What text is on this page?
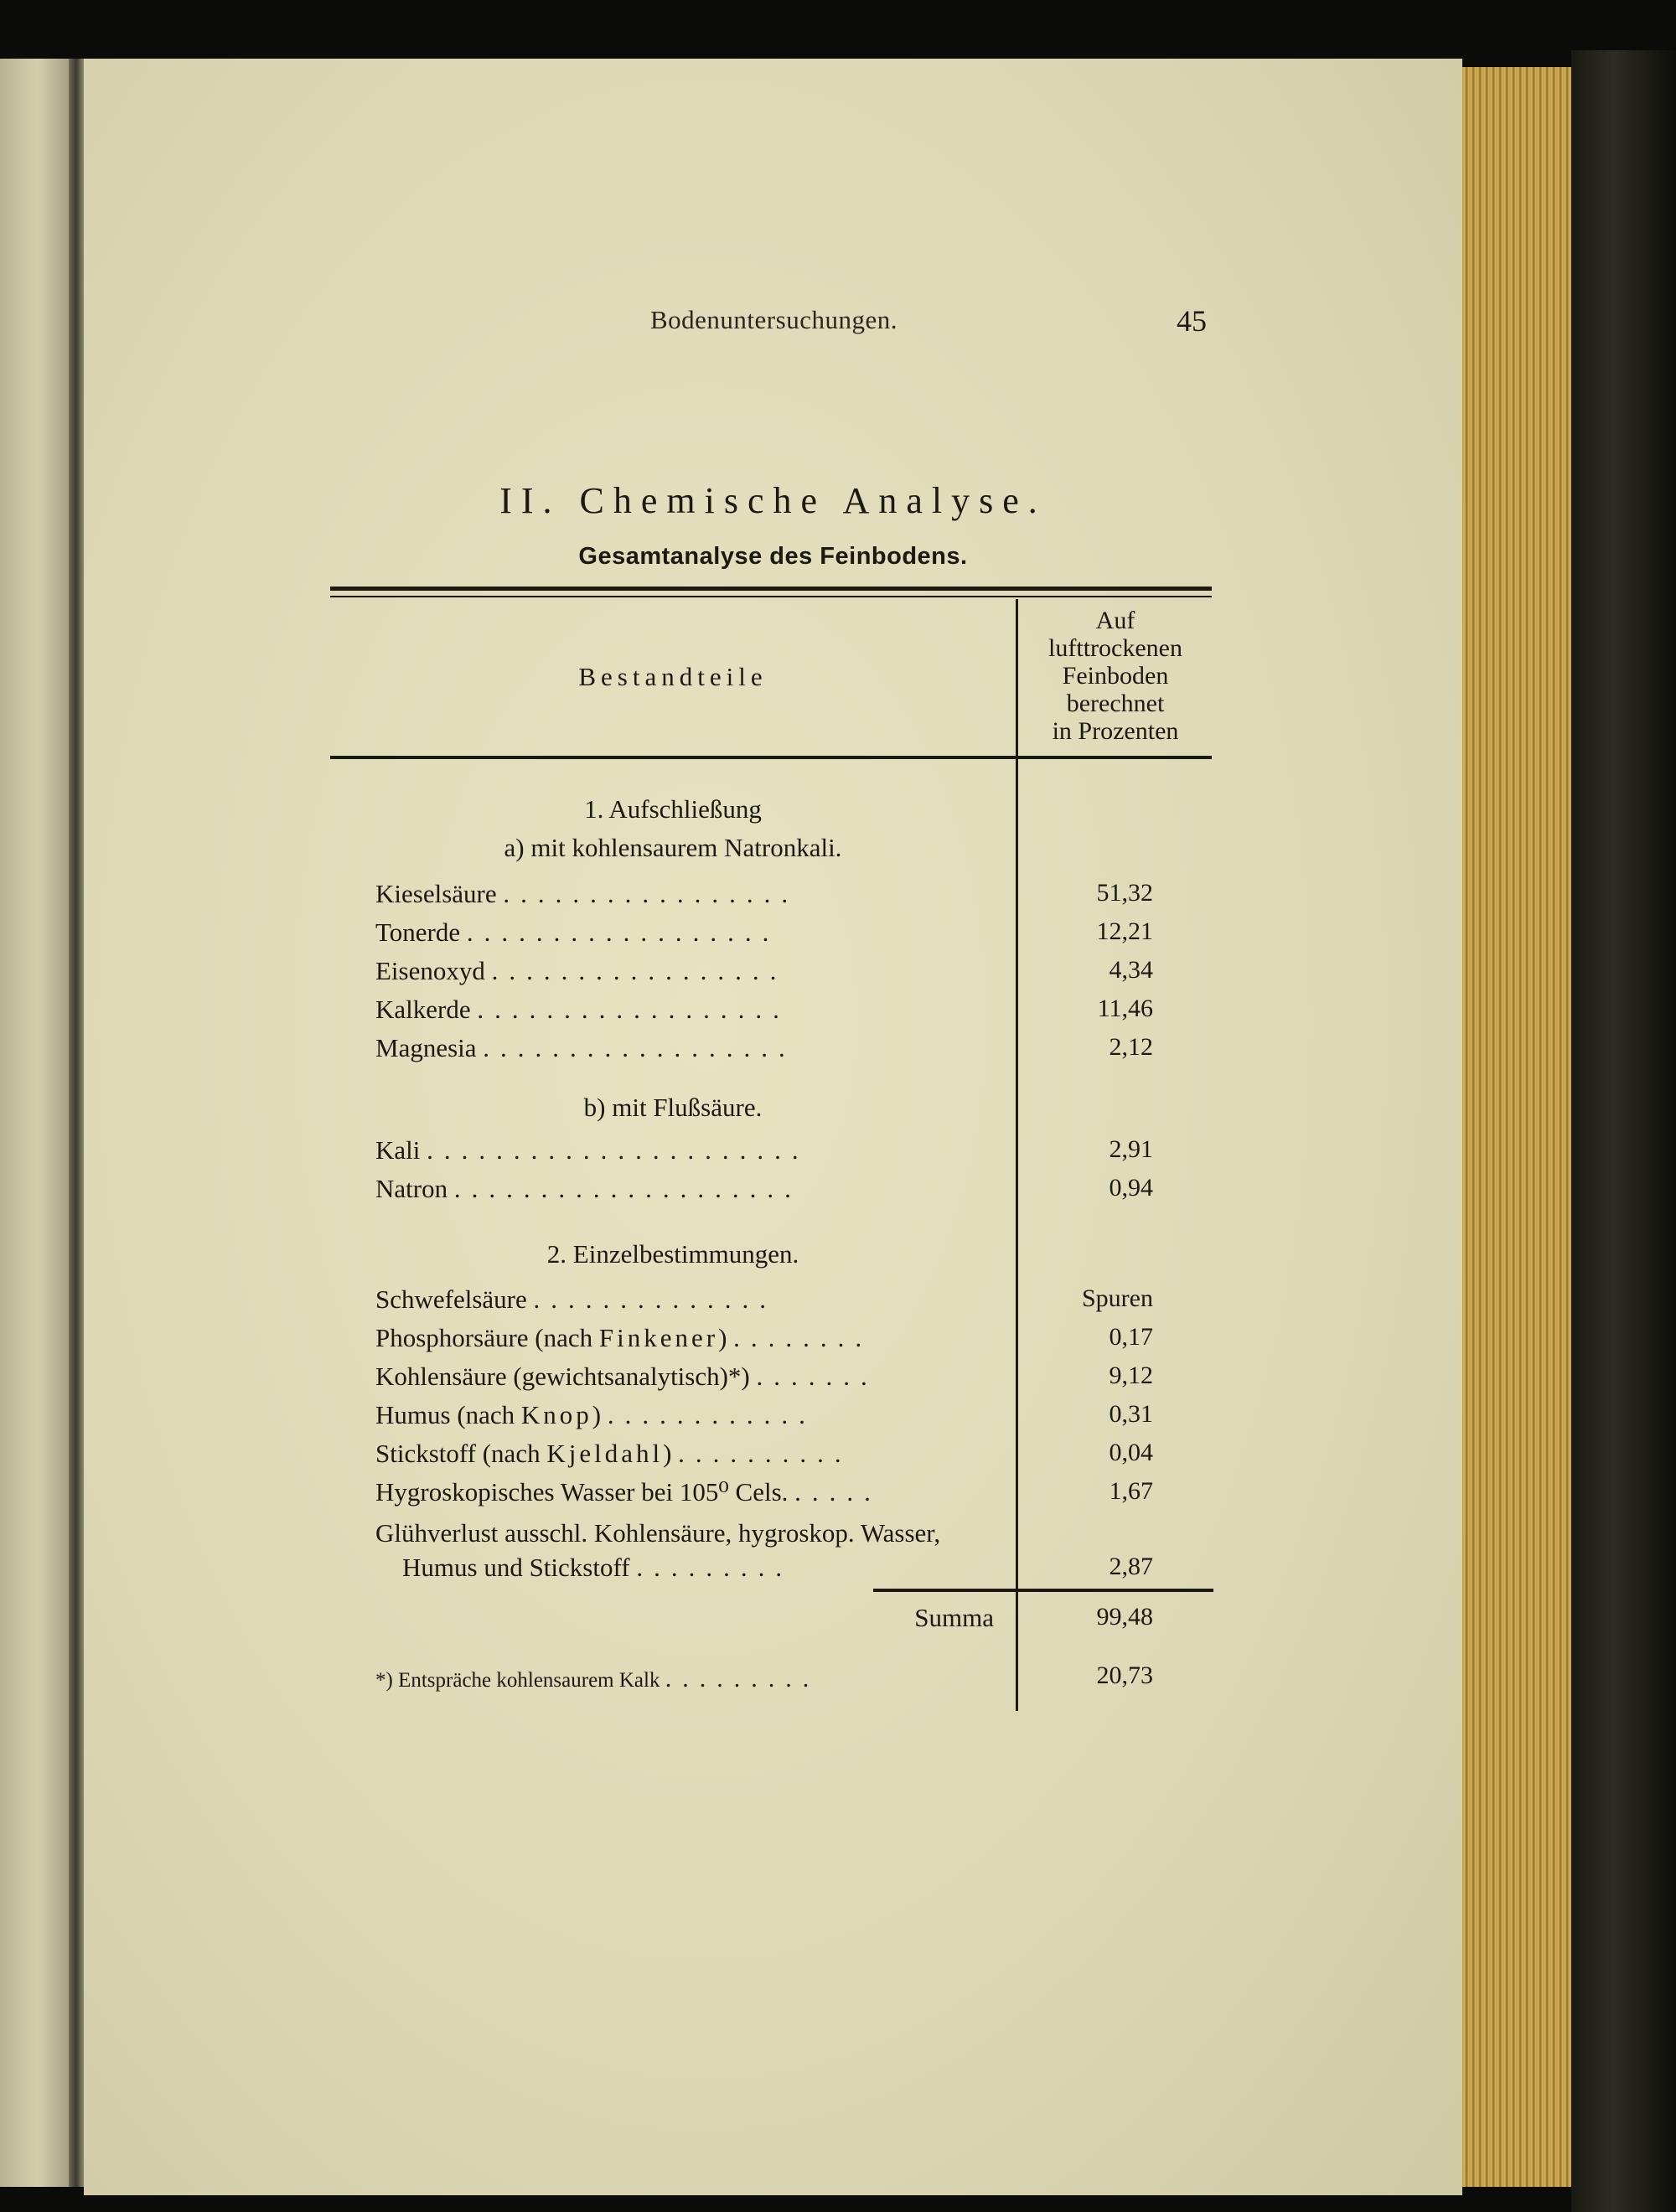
Bodenuntersuchungen.	45
II. Chemische Analyse.
Gesamtanalyse des Feinbodens.
Bestandteile
Auf
lufttrockenen
Feinboden
berechnet
in Prozenten
1. Aufschließung
a) mit kohlensaurem Natronkali.
Kieselsäure .................	51,32
Tonerde ..................	12,21
Eisenoxyd .................	4,34
Kalkerde ..................	11,46
Magnesia ..................	2,12
b) mit Flußsäure.
Kali ......................	2,91
Natron ....................	0,94
2. Einzelbestimmungen.
Schwefelsäure ..............	Spuren
Phosphorsäure (nach Finkener) ........	0,17
Kohlensäure (gewichtsanalytisch)*) .......	9,12
Humus (nach Knop) ............	0,31
Stickstoff (nach Kjeldahl) ..........	0,04
Hygroskopisches Wasser bei 105⁰ Cels. .....	1,67
Glühverlust ausschl. Kohlensäure, hygroskop. Wasser,
Humus und Stickstoff .........	2,87
Summa	99,48
*) Entspräche kohlensaurem Kalk .........	20,73
